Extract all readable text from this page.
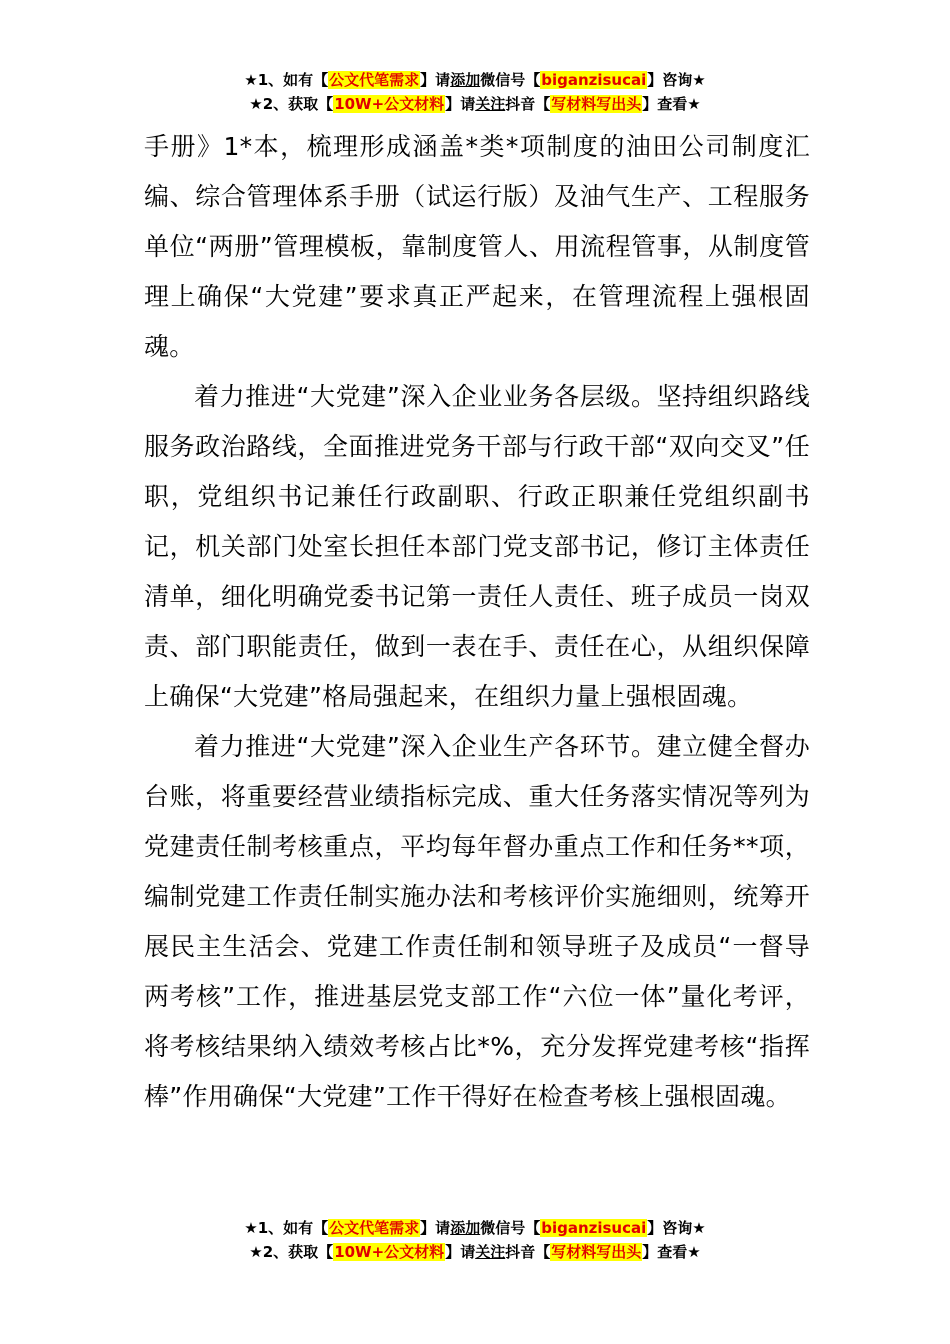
★1、如有【公文代笔需求】请添加微信号【biganzisucai】咨询★
★2、获取【10W+公文材料】请关注抖音【写材料写出头】查看★

手册》1*本，梳理形成涵盖*类*项制度的油田公司制度汇编、综合管理体系手册（试运行版）及油气生产、工程服务单位“两册”管理模板，靠制度管人、用流程管事，从制度管理上确保“大党建”要求真正严起来，在管理流程上强根固魂。

着力推进“大党建”深入企业业务各层级。坚持组织路线服务政治路线，全面推进党务干部与行政干部“双向交叉”任职，党组织书记兼任行政副职、行政正职兼任党组织副书记，机关部门处室长担任本部门党支部书记，修订主体责任清单，细化明确党委书记第一责任人责任、班子成员一岗双责、部门职能责任，做到一表在手、责任在心，从组织保障上确保“大党建”格局强起来，在组织力量上强根固魂。

着力推进“大党建”深入企业生产各环节。建立健全督办台账，将重要经营业绩指标完成、重大任务落实情况等列为党建责任制考核重点，平均每年督办重点工作和任务**项，编制党建工作责任制实施办法和考核评价实施细则，统筹开展民主生活会、党建工作责任制和领导班子及成员“一督导两考核”工作，推进基层党支部工作“六位一体”量化考评，将考核结果纳入绩效考核占比*%，充分发挥党建考核“指挥棒”作用确保“大党建”工作干得好在检查考核上强根固魂。

★1、如有【公文代笔需求】请添加微信号【biganzisucai】咨询★
★2、获取【10W+公文材料】请关注抖音【写材料写出头】查看★
